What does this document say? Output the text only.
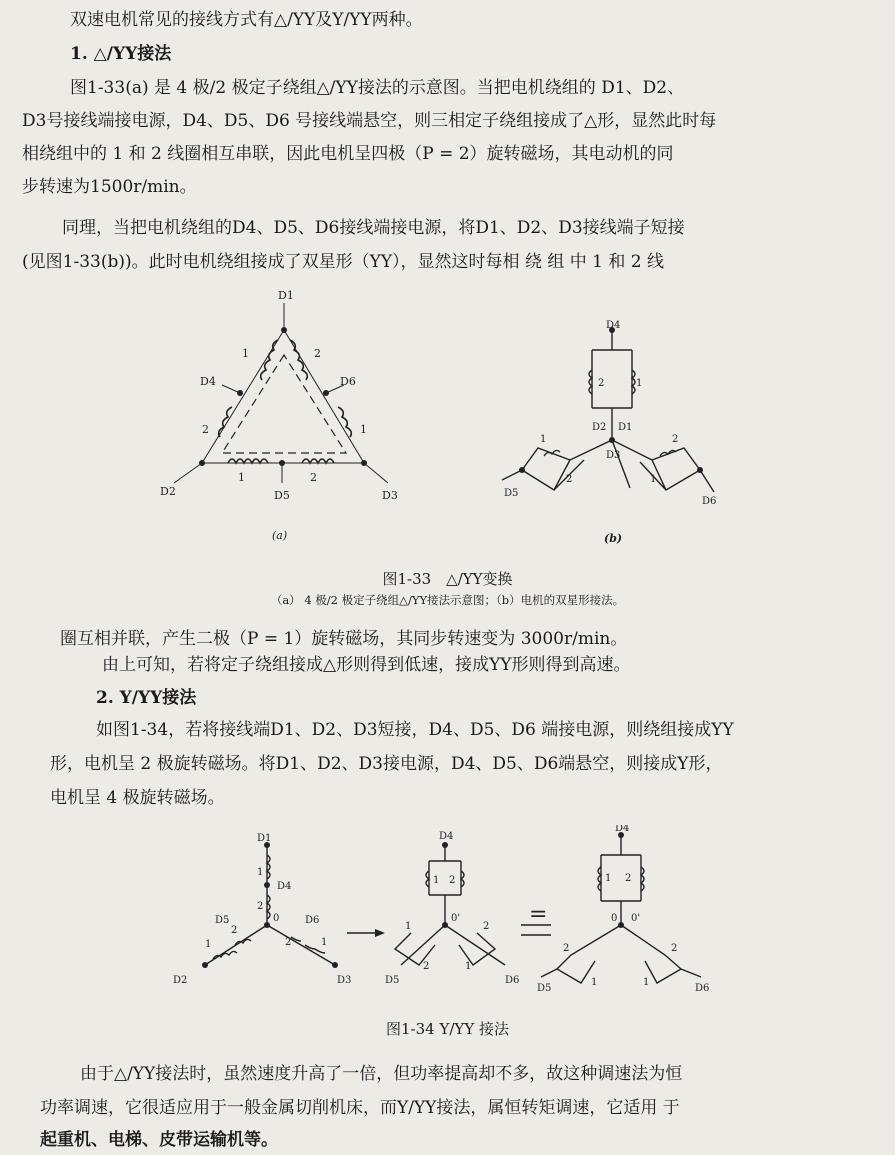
双速电机常见的接线方式有△/YY及Y/YY两种。
1. △/YY接法
图1-33(a) 是 4 极/2 极定子绕组△/YY接法的示意图。当把电机绕组的 D1、D2、
D3号接线端接电源，D4、D5、D6 号接线端悬空，则三相定子绕组接成了△形，显然此时每
相绕组中的 1 和 2 线圈相互串联，因此电机呈四极（P = 2）旋转磁场，其电动机的同
步转速为1500r/min。
同理，当把电机绕组的D4、D5、D6接线端接电源，将D1、D2、D3接线端子短接
(见图1-33(b))。此时电机绕组接成了双星形（YY），显然这时每相 绕 组 中 1 和 2 线
D1
D2	D3
D4
D5
D6
1
2
2
1
1	2
(a)
D4
D5
D6
D2 D1
D3
2	1
1
2
2
1
(b)
图1-33　△/YY变换
（a） 4 极/2 极定子绕组△/YY接法示意图；（b）电机的双星形接法。
圈互相并联，产生二极（P = 1）旋转磁场，其同步转速变为 3000r/min。
由上可知，若将定子绕组接成△形则得到低速，接成YY形则得到高速。
2. Y/YY接法
如图1-34，若将接线端D1、D2、D3短接，D4、D5、D6 端接电源，则绕组接成YY
形，电机呈 2 极旋转磁场。将D1、D2、D3接电源，D4、D5、D6端悬空，则接成Y形，
电机呈 4 极旋转磁场。
D1
D4
D5	D6
D2	D3
0
1
2
1
2
2	1
D4
D5	D6
0'
1 2
1
2
2
1
D4
D5	D6
0 0'
1 2
2
1
2
1
=
图1-34 Y/YY 接法
由于△/YY接法时，虽然速度升高了一倍，但功率提高却不多，故这种调速法为恒
功率调速，它很适应用于一般金属切削机床，而Y/YY接法，属恒转矩调速，它适用 于
起重机、电梯、皮带运输机等。
